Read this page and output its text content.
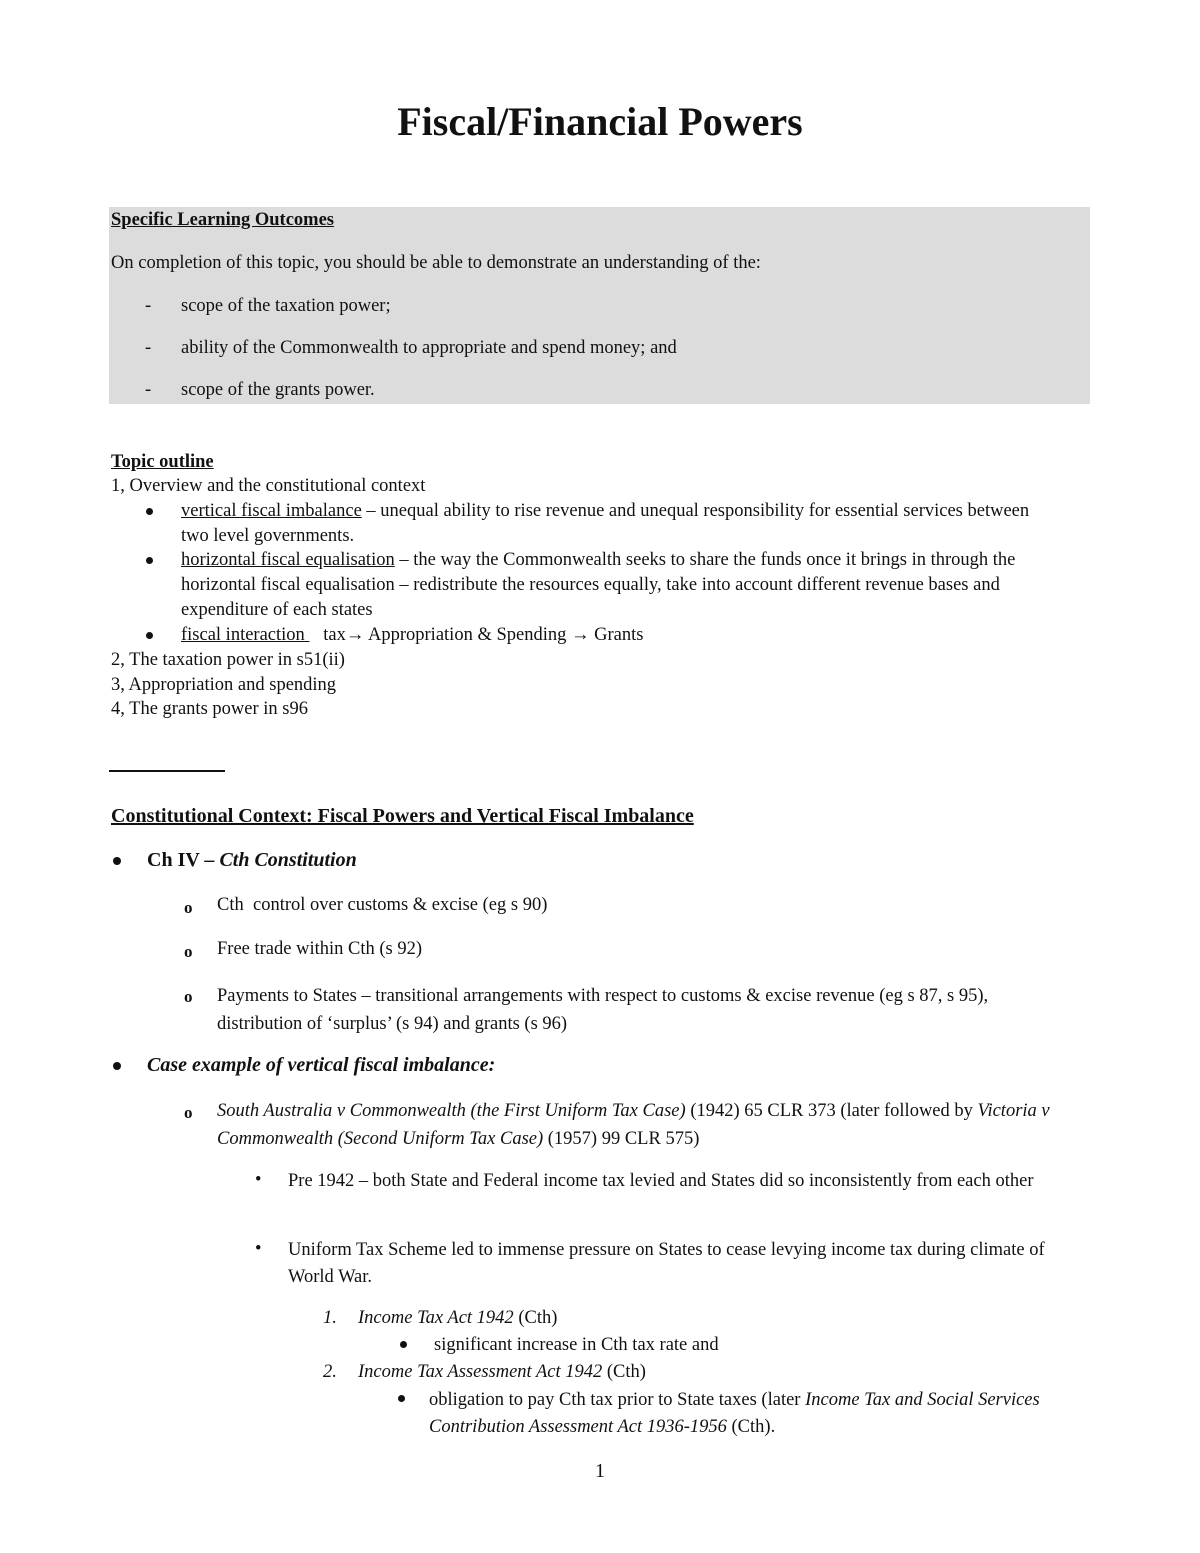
Fiscal/Financial Powers
Specific Learning Outcomes
On completion of this topic, you should be able to demonstrate an understanding of the:
- scope of the taxation power;
- ability of the Commonwealth to appropriate and spend money; and
- scope of the grants power.
Topic outline
1, Overview and the constitutional context
vertical fiscal imbalance – unequal ability to rise revenue and unequal responsibility for essential services between two level governments.
horizontal fiscal equalisation – the way the Commonwealth seeks to share the funds once it brings in through the horizontal fiscal equalisation – redistribute the resources equally, take into account different revenue bases and expenditure of each states
fiscal interaction    tax→ Appropriation & Spending → Grants
2, The taxation power in s51(ii)
3, Appropriation and spending
4, The grants power in s96
Constitutional Context: Fiscal Powers and Vertical Fiscal Imbalance
Ch IV – Cth Constitution
o Cth  control over customs & excise (eg s 90)
o Free trade within Cth (s 92)
o Payments to States – transitional arrangements with respect to customs & excise revenue (eg s 87, s 95),  distribution of ‘surplus’ (s 94) and grants (s 96)
Case example of vertical fiscal imbalance:
o South Australia v Commonwealth (the First Uniform Tax Case) (1942) 65 CLR 373 (later followed by Victoria v Commonwealth (Second Uniform Tax Case) (1957) 99 CLR 575)
• Pre 1942 – both State and Federal income tax levied and States did so inconsistently from each other
• Uniform Tax Scheme led to immense pressure on States to cease levying income tax during climate of World War.
1. Income Tax Act 1942 (Cth)
significant increase in Cth tax rate and
2. Income Tax Assessment Act 1942 (Cth)
obligation to pay Cth tax prior to State taxes (later Income Tax and Social Services Contribution Assessment Act 1936-1956 (Cth).
1
